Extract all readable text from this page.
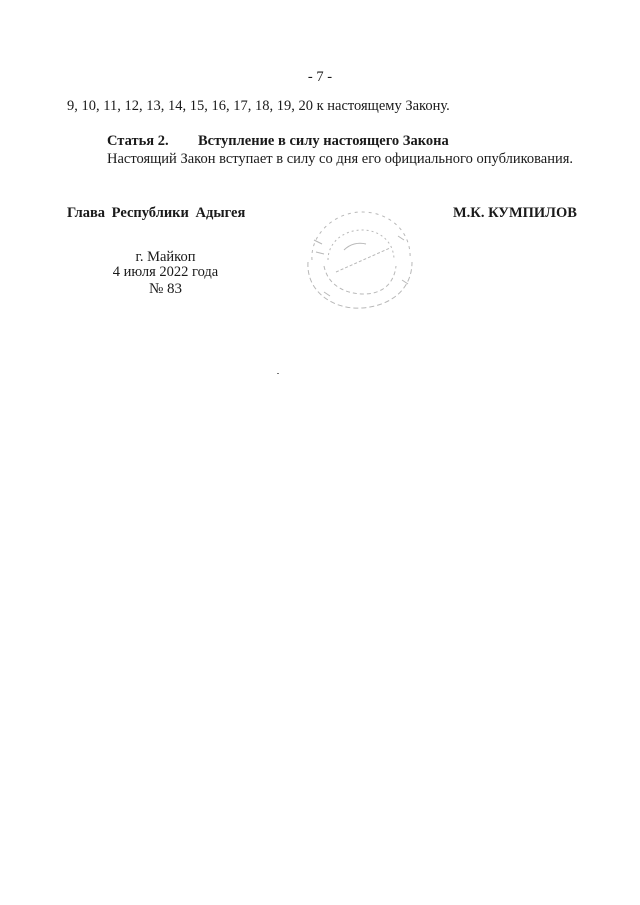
- 7 -
9, 10, 11, 12, 13, 14, 15, 16, 17, 18, 19, 20 к настоящему Закону.
Статья 2. Вступление в силу настоящего Закона
Настоящий Закон вступает в силу со дня его официального опубликования.
Глава Республики Адыгея	М.К. КУМПИЛОВ
г. Майкоп
4 июля 2022 года
№ 83
